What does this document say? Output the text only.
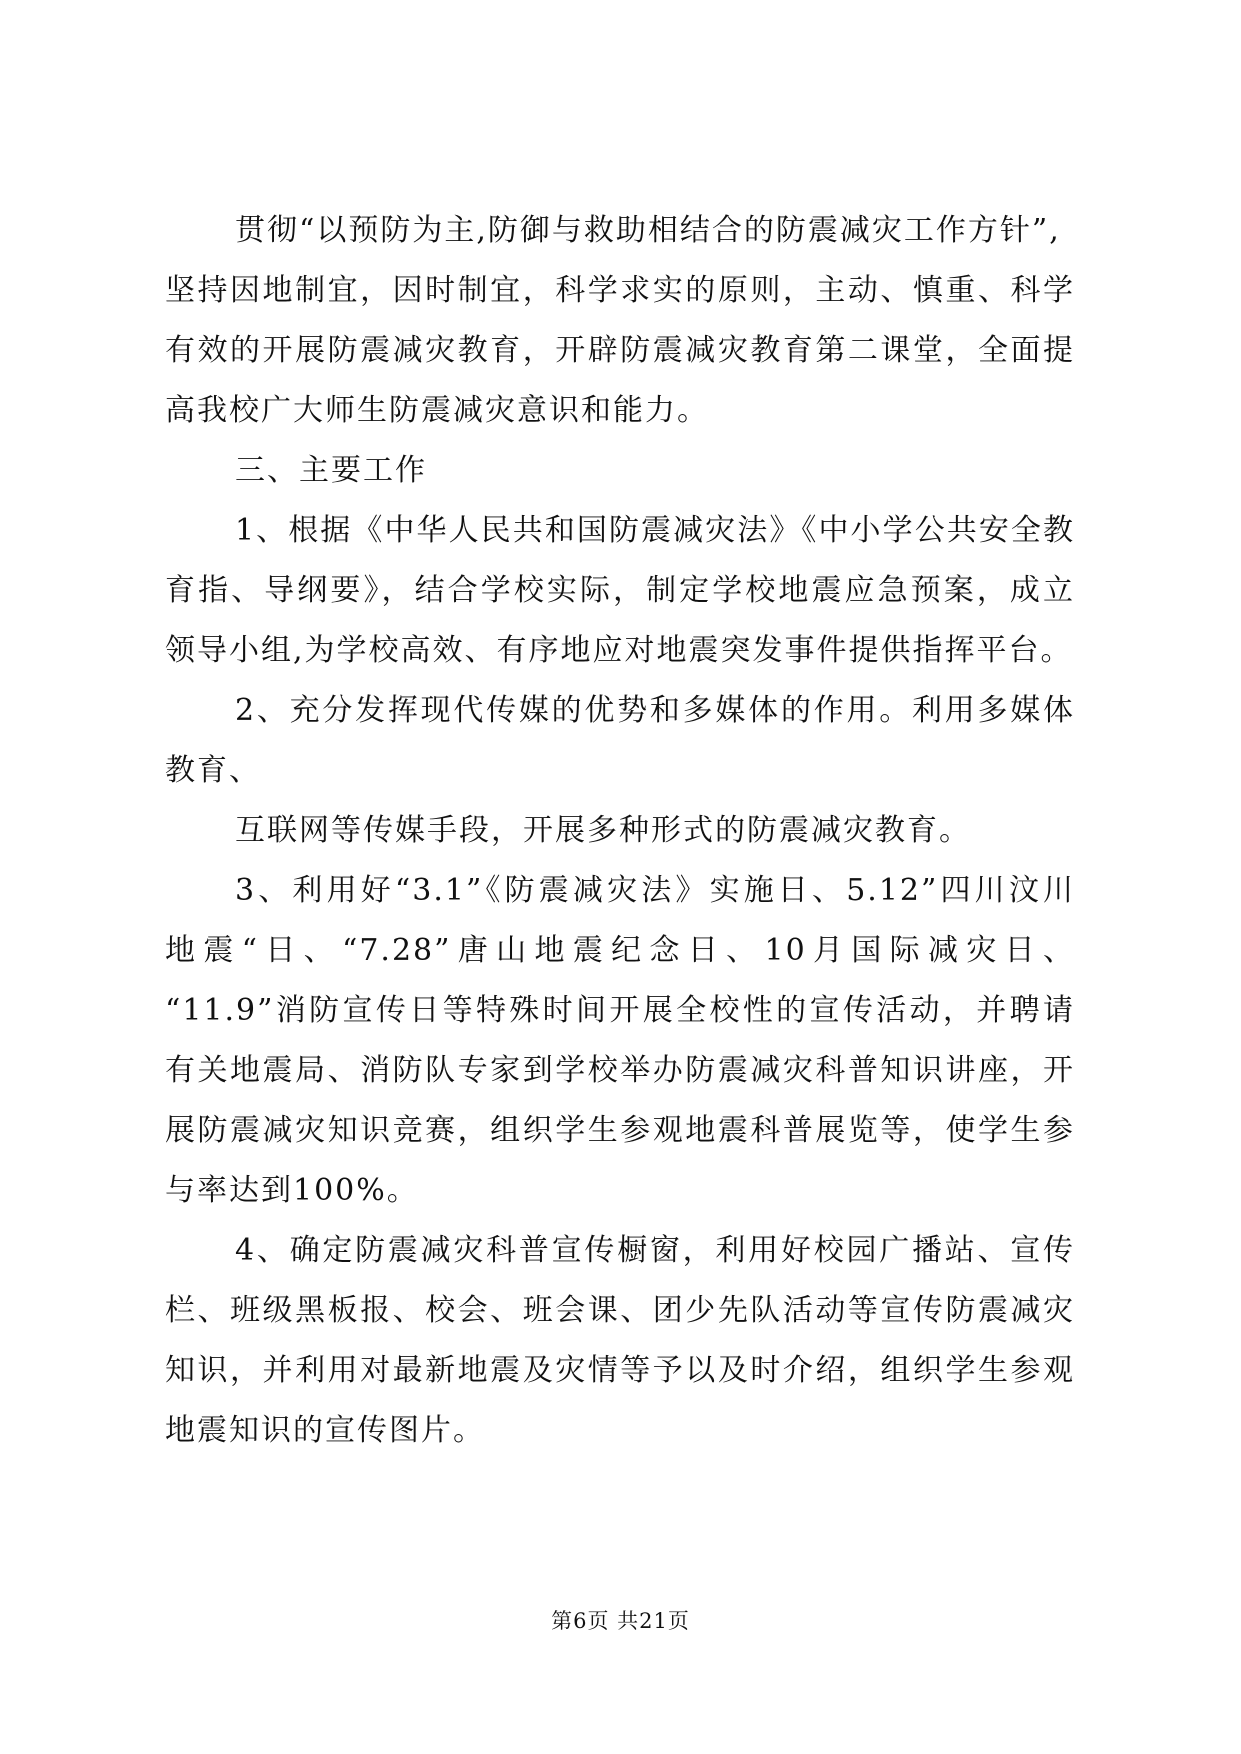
贯彻“以预防为主,防御与救助相结合的防震减灾工作方针”,
坚持因地制宜，因时制宜，科学求实的原则，主动、慎重、科学
有效的开展防震减灾教育，开辟防震减灾教育第二课堂，全面提
高我校广大师生防震减灾意识和能力。
三、主要工作
1、根据《中华人民共和国防震减灾法》《中小学公共安全教
育指、导纲要》，结合学校实际，制定学校地震应急预案，成立
领导小组,为学校高效、有序地应对地震突发事件提供指挥平台。
2、充分发挥现代传媒的优势和多媒体的作用。利用多媒体
教育、
互联网等传媒手段，开展多种形式的防震减灾教育。
3、利用好“3.1”《防震减灾法》实施日、5.12”四川汶川
地震“日、“7.28”唐山地震纪念日、10月国际减灾日、
“11.9”消防宣传日等特殊时间开展全校性的宣传活动，并聘请
有关地震局、消防队专家到学校举办防震减灾科普知识讲座，开
展防震减灾知识竞赛，组织学生参观地震科普展览等，使学生参
与率达到100%。
4、确定防震减灾科普宣传橱窗，利用好校园广播站、宣传
栏、班级黑板报、校会、班会课、团少先队活动等宣传防震减灾
知识，并利用对最新地震及灾情等予以及时介绍，组织学生参观
地震知识的宣传图片。
第6页 共21页
